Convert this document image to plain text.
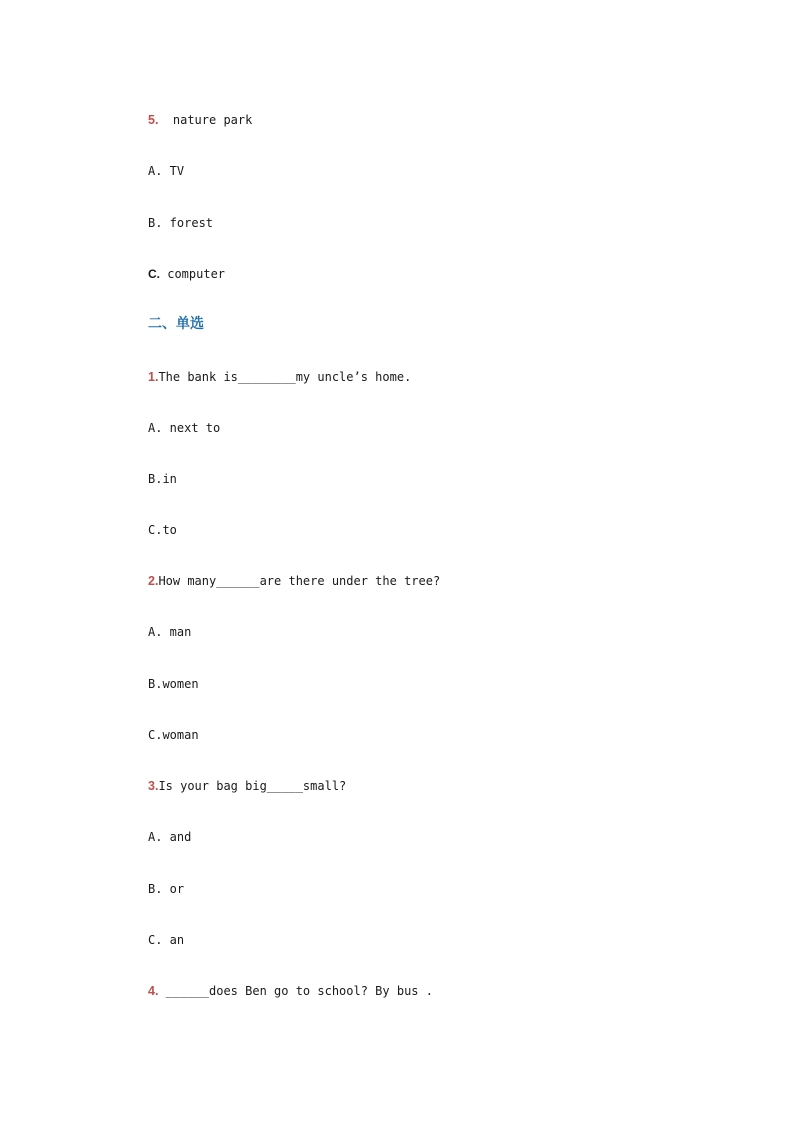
5.  nature park
A. TV
B. forest
C. computer
二、单选
1.The bank is________my uncle’s home.
A. next to
B.in
C.to
2.How many______are there under the tree?
A. man
B.women
C.woman
3.Is your bag big_____small?
A. and
B. or
C. an
4. ______does Ben go to school? By bus .
